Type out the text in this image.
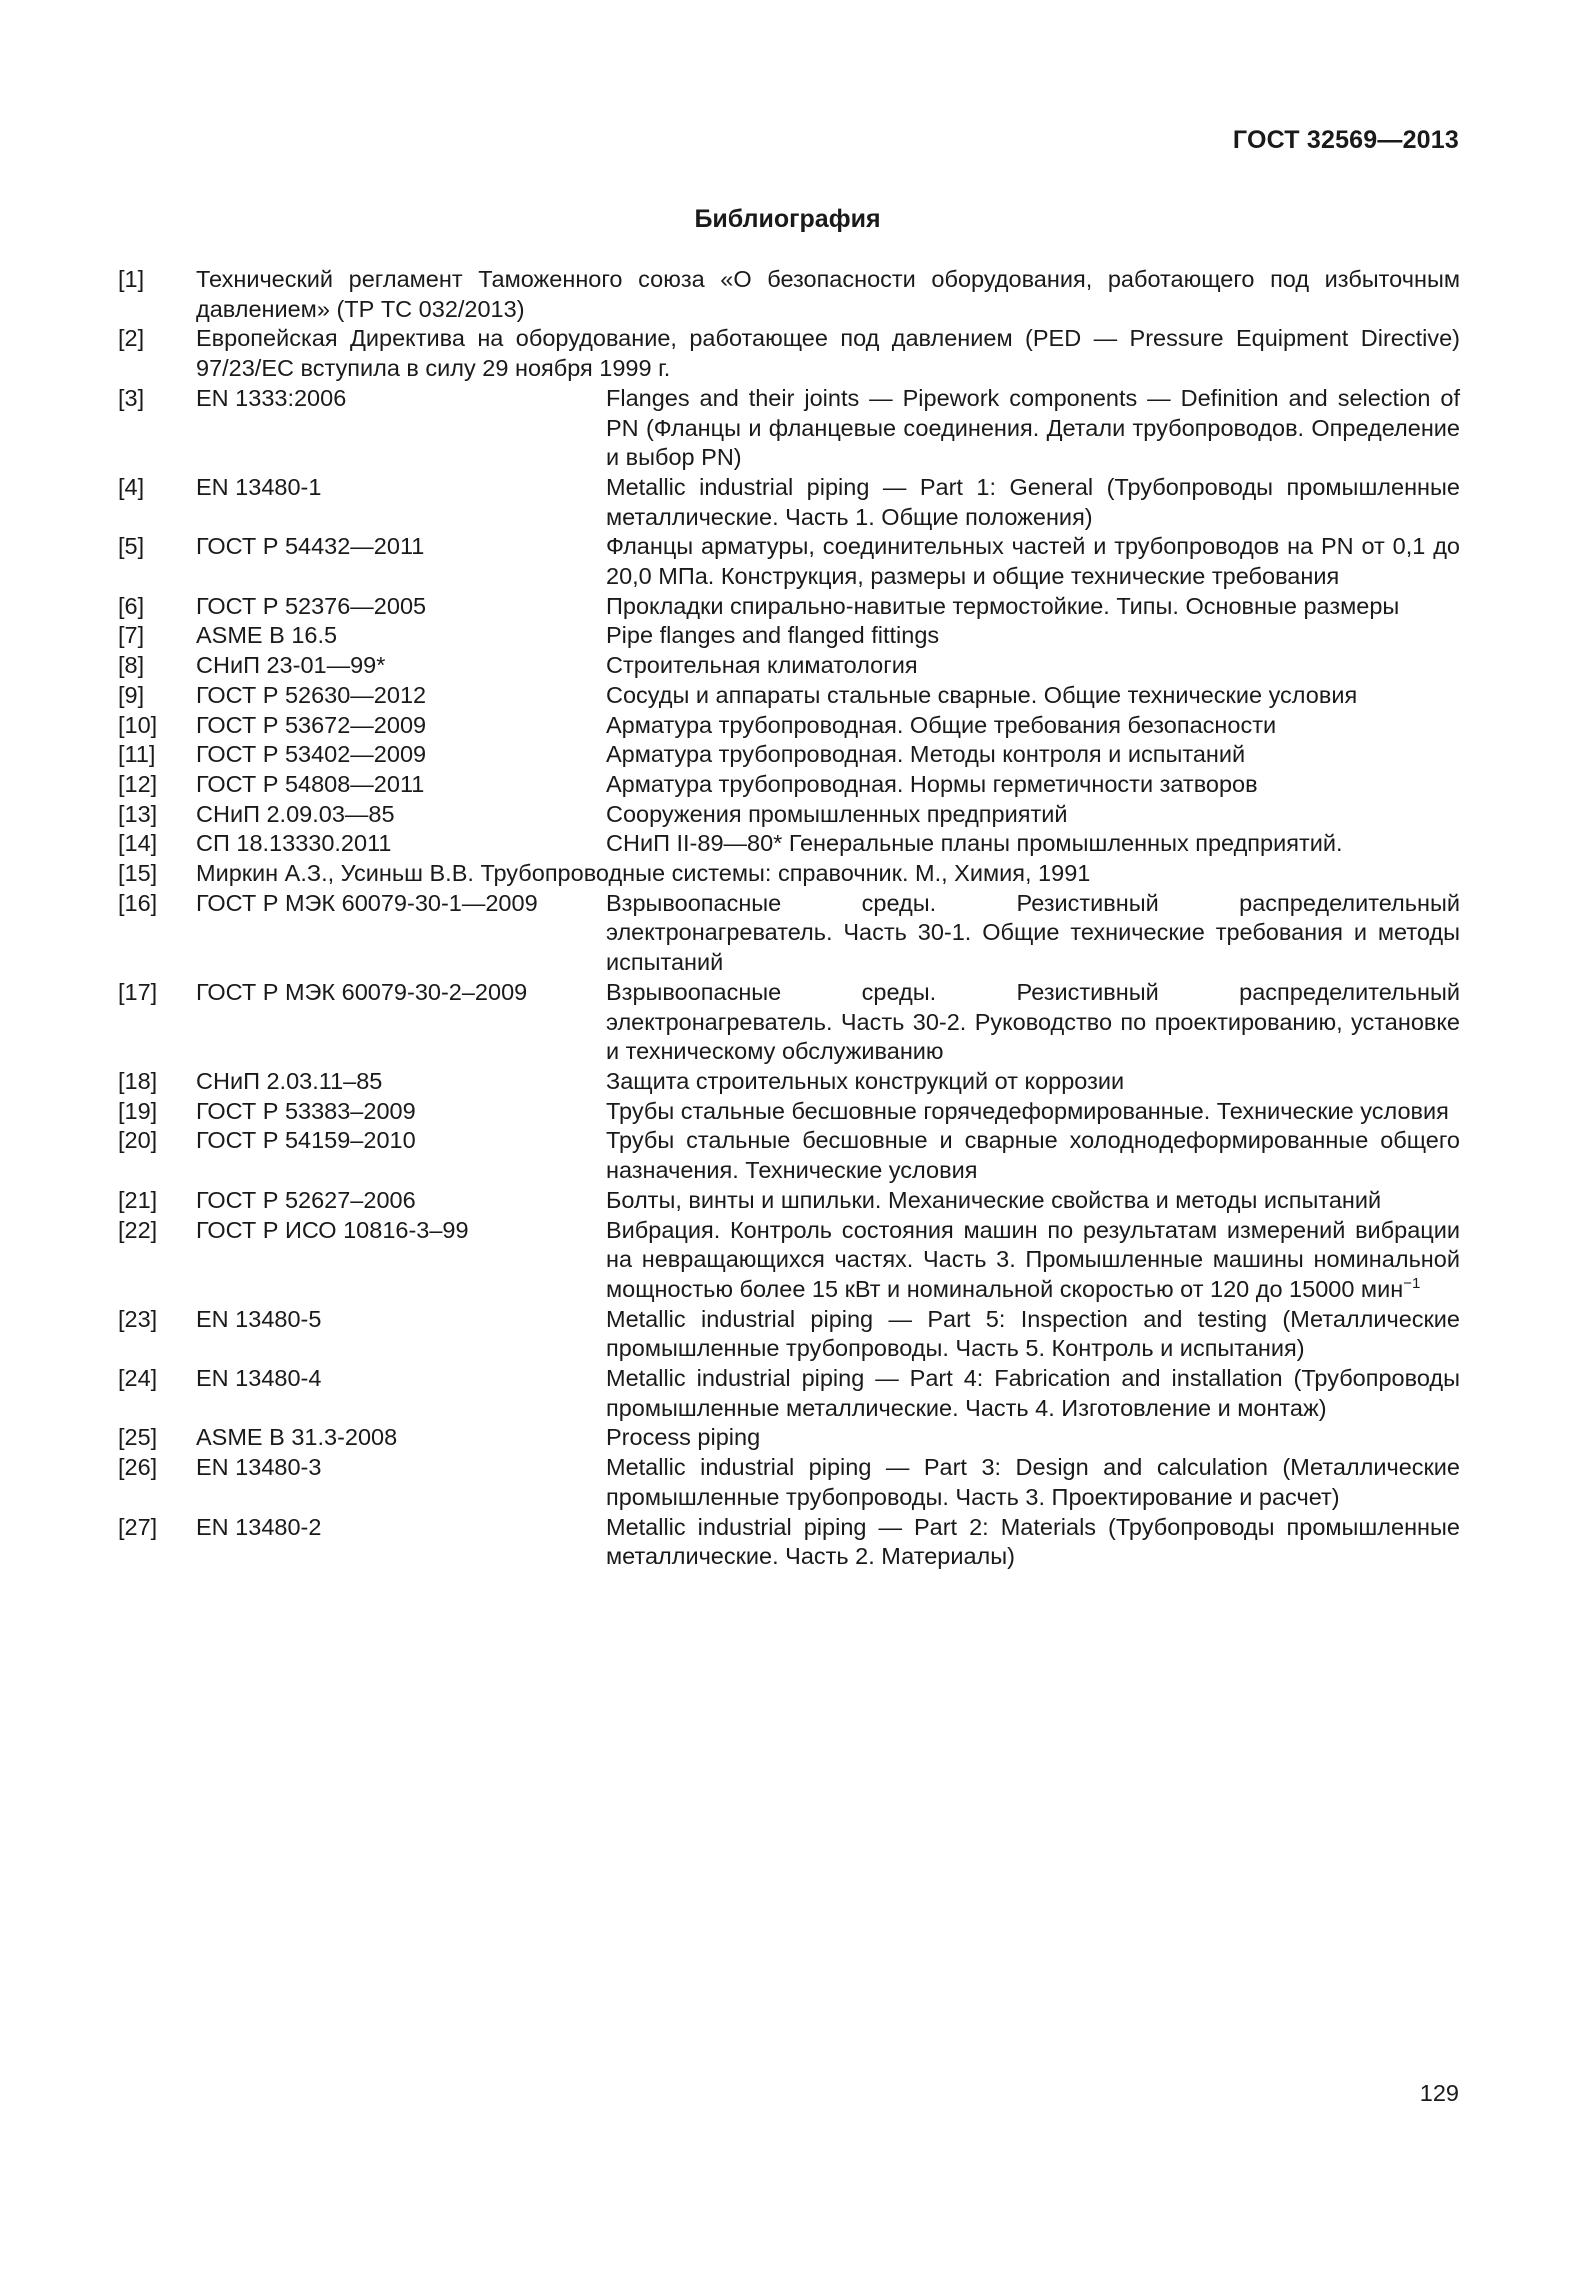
ГОСТ 32569—2013
Библиография
[1]	Технический регламент Таможенного союза «О безопасности оборудования, работающего под избыточным давлением» (ТР ТС 032/2013)
[2]	Европейская Директива на оборудование, работающее под давлением (PED — Pressure Equipment Directive) 97/23/EC вступила в силу 29 ноября 1999 г.
[3]	EN 1333:2006	Flanges and their joints — Pipework components — Definition and selection of PN (Фланцы и фланцевые соединения. Детали трубопроводов. Определение и выбор PN)
[4]	EN 13480-1	Metallic industrial piping — Part 1: General (Трубопроводы промышленные металлические. Часть 1. Общие положения)
[5]	ГОСТ Р 54432—2011	Фланцы арматуры, соединительных частей и трубопроводов на PN от 0,1 до 20,0 МПа. Конструкция, размеры и общие технические требования
[6]	ГОСТ Р 52376—2005	Прокладки спирально-навитые термостойкие. Типы. Основные размеры
[7]	ASME B 16.5	Pipe flanges and flanged fittings
[8]	СНиП 23-01—99*	Строительная климатология
[9]	ГОСТ Р 52630—2012	Сосуды и аппараты стальные сварные. Общие технические условия
[10]	ГОСТ Р 53672—2009	Арматура трубопроводная. Общие требования безопасности
[11]	ГОСТ Р 53402—2009	Арматура трубопроводная. Методы контроля и испытаний
[12]	ГОСТ Р 54808—2011	Арматура трубопроводная. Нормы герметичности затворов
[13]	СНиП 2.09.03—85	Сооружения промышленных предприятий
[14]	СП 18.13330.2011	СНиП II-89—80* Генеральные планы промышленных предприятий.
[15]	Миркин А.З., Усиньш В.В. Трубопроводные системы: справочник. М., Химия, 1991
[16]	ГОСТ Р МЭК 60079-30-1—2009	Взрывоопасные среды. Резистивный распределительный электронагреватель. Часть 30-1. Общие технические требования и методы испытаний
[17]	ГОСТ Р МЭК 60079-30-2–2009	Взрывоопасные среды. Резистивный распределительный электронагреватель. Часть 30-2. Руководство по проектированию, установке и техническому обслуживанию
[18]	СНиП 2.03.11–85	Защита строительных конструкций от коррозии
[19]	ГОСТ Р 53383–2009	Трубы стальные бесшовные горячедеформированные. Технические условия
[20]	ГОСТ Р 54159–2010	Трубы стальные бесшовные и сварные холоднодеформированные общего назначения. Технические условия
[21]	ГОСТ Р 52627–2006	Болты, винты и шпильки. Механические свойства и методы испытаний
[22]	ГОСТ Р ИСО 10816-3–99	Вибрация. Контроль состояния машин по результатам измерений вибрации на невращающихся частях. Часть 3. Промышленные машины номинальной мощностью более 15 кВт и номинальной скоростью от 120 до 15000 мин$^{-1}$
[23]	EN 13480-5	Metallic industrial piping — Part 5: Inspection and testing (Металлические промышленные трубопроводы. Часть 5. Контроль и испытания)
[24]	EN 13480-4	Metallic industrial piping — Part 4: Fabrication and installation (Трубопроводы промышленные металлические. Часть 4. Изготовление и монтаж)
[25]	ASME B 31.3-2008	Process piping
[26]	EN 13480-3	Metallic industrial piping — Part 3: Design and calculation (Металлические промышленные трубопроводы. Часть 3. Проектирование и расчет)
[27]	EN 13480-2	Metallic industrial piping — Part 2: Materials (Трубопроводы промышленные металлические. Часть 2. Материалы)
129
